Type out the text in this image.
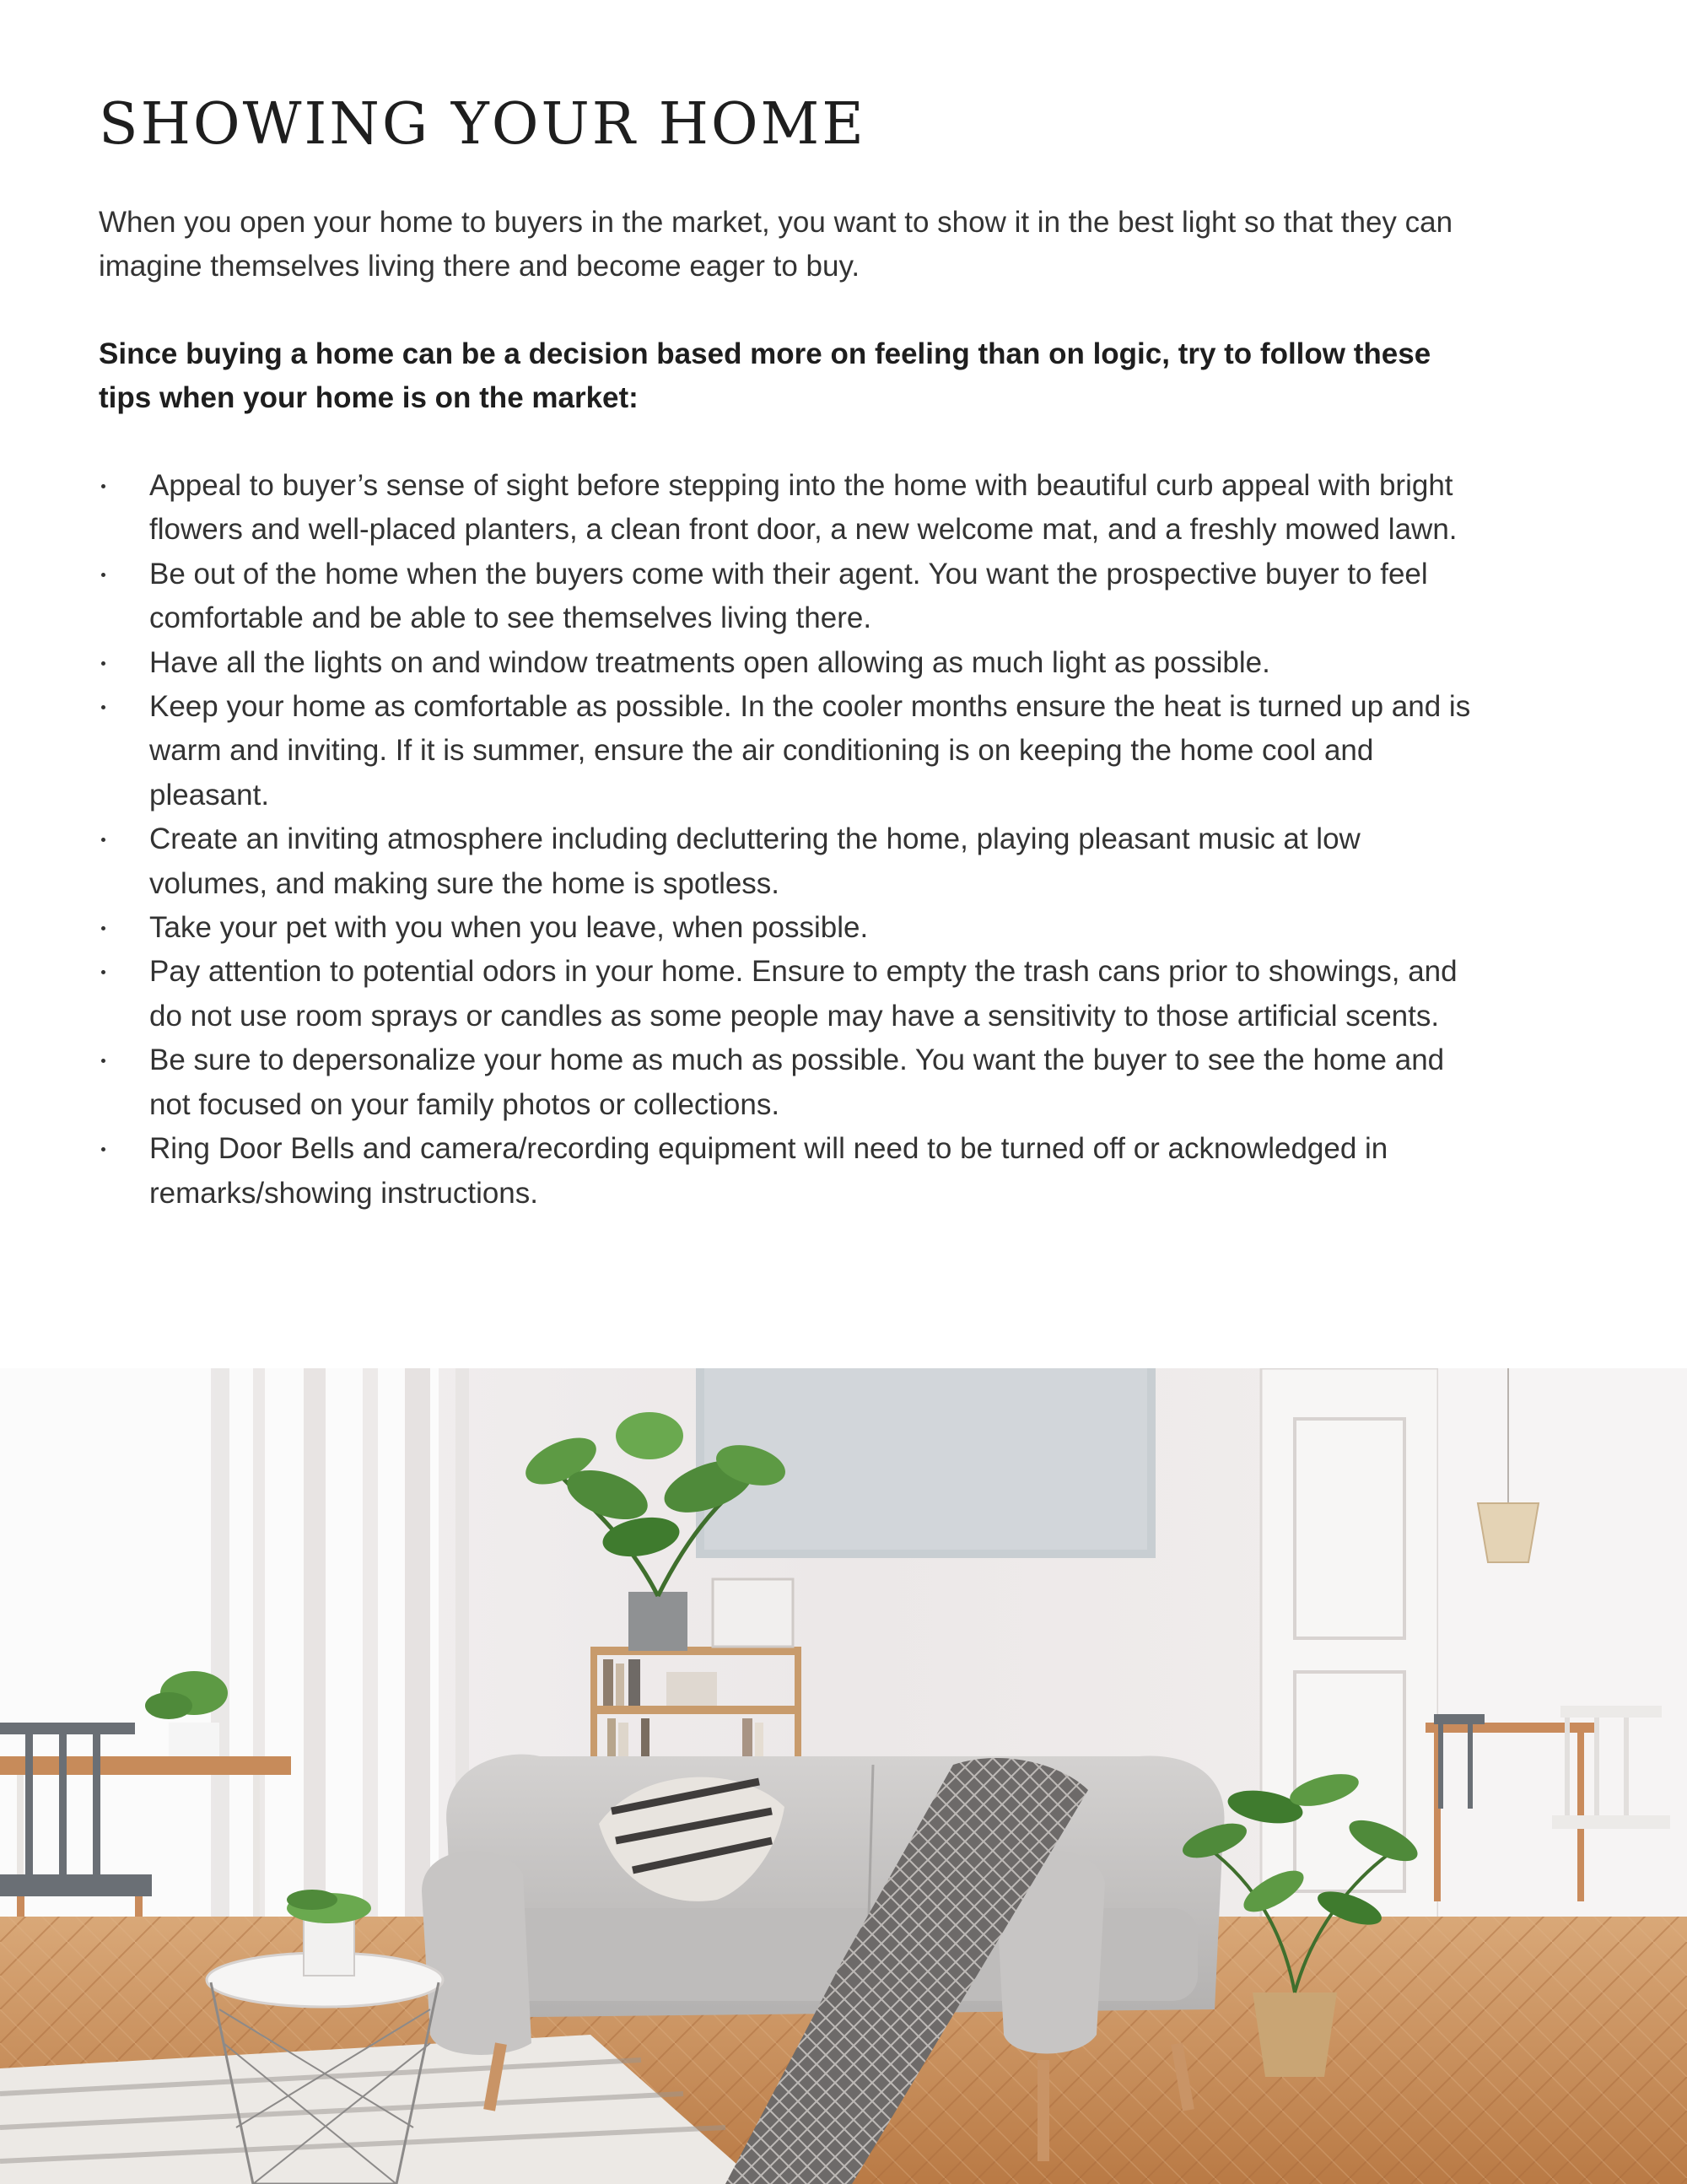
SHOWING YOUR HOME

When you open your home to buyers in the market, you want to show it in the best light so that they can imagine themselves living there and become eager to buy.

Since buying a home can be a decision based more on feeling than on logic, try to follow these tips when your home is on the market:

Appeal to buyer’s sense of sight before stepping into the home with beautiful curb appeal with bright flowers and well-placed planters, a clean front door, a new welcome mat, and a freshly mowed lawn.
Be out of the home when the buyers come with their agent. You want the prospective buyer to feel comfortable and be able to see themselves living there.
Have all the lights on and window treatments open allowing as much light as possible.
Keep your home as comfortable as possible. In the cooler months ensure the heat is turned up and is warm and inviting. If it is summer, ensure the air conditioning is on keeping the home cool and pleasant.
Create an inviting atmosphere including decluttering the home, playing pleasant music at low volumes, and making sure the home is spotless.
Take your pet with you when you leave, when possible.
Pay attention to potential odors in your home. Ensure to empty the trash cans prior to showings, and do not use room sprays or candles as some people may have a sensitivity to those artificial scents.
Be sure to depersonalize your home as much as possible. You want the buyer to see the home and not focused on your family photos or collections.
Ring Door Bells and camera/recording equipment will need to be turned off or acknowledged in remarks/showing instructions.
